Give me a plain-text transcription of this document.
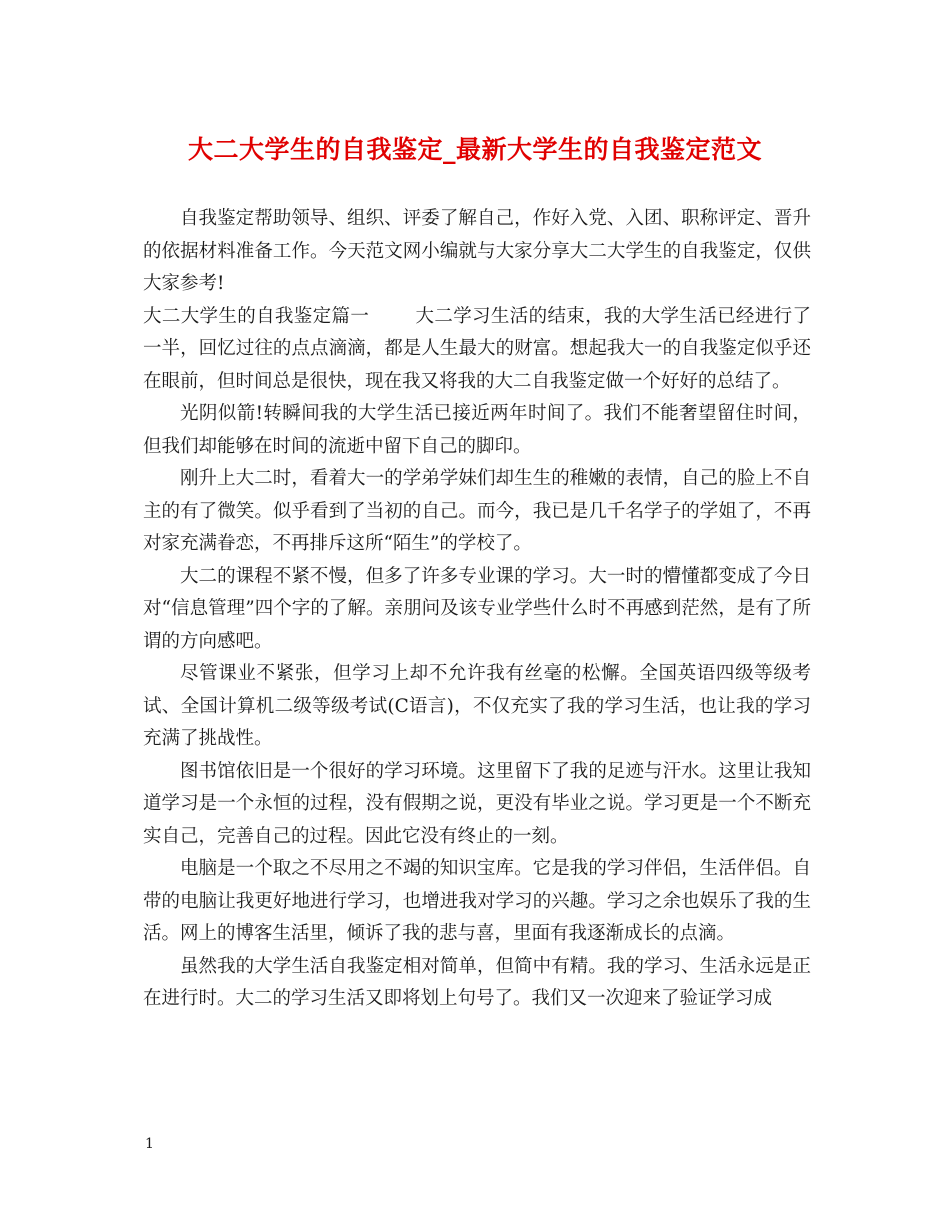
大二大学生的自我鉴定_最新大学生的自我鉴定范文

自我鉴定帮助领导、组织、评委了解自己，作好入党、入团、职称评定、晋升的依据材料准备工作。今天范文网小编就与大家分享大二大学生的自我鉴定，仅供大家参考!

大二大学生的自我鉴定篇一 大二学习生活的结束，我的大学生活已经进行了一半，回忆过往的点点滴滴，都是人生最大的财富。想起我大一的自我鉴定似乎还在眼前，但时间总是很快，现在我又将我的大二自我鉴定做一个好好的总结了。

光阴似箭!转瞬间我的大学生活已接近两年时间了。我们不能奢望留住时间，但我们却能够在时间的流逝中留下自己的脚印。

刚升上大二时，看着大一的学弟学妹们却生生的稚嫩的表情，自己的脸上不自主的有了微笑。似乎看到了当初的自己。而今，我已是几千名学子的学姐了，不再对家充满眷恋，不再排斥这所“陌生”的学校了。

大二的课程不紧不慢，但多了许多专业课的学习。大一时的懵懂都变成了今日对“信息管理”四个字的了解。亲朋问及该专业学些什么时不再感到茫然，是有了所谓的方向感吧。

尽管课业不紧张，但学习上却不允许我有丝毫的松懈。全国英语四级等级考试、全国计算机二级等级考试(C语言)，不仅充实了我的学习生活，也让我的学习充满了挑战性。

图书馆依旧是一个很好的学习环境。这里留下了我的足迹与汗水。这里让我知道学习是一个永恒的过程，没有假期之说，更没有毕业之说。学习更是一个不断充实自己，完善自己的过程。因此它没有终止的一刻。

电脑是一个取之不尽用之不竭的知识宝库。它是我的学习伴侣，生活伴侣。自带的电脑让我更好地进行学习，也增进我对学习的兴趣。学习之余也娱乐了我的生活。网上的博客生活里，倾诉了我的悲与喜，里面有我逐渐成长的点滴。

虽然我的大学生活自我鉴定相对简单，但简中有精。我的学习、生活永远是正在进行时。大二的学习生活又即将划上句号了。我们又一次迎来了验证学习成

1
